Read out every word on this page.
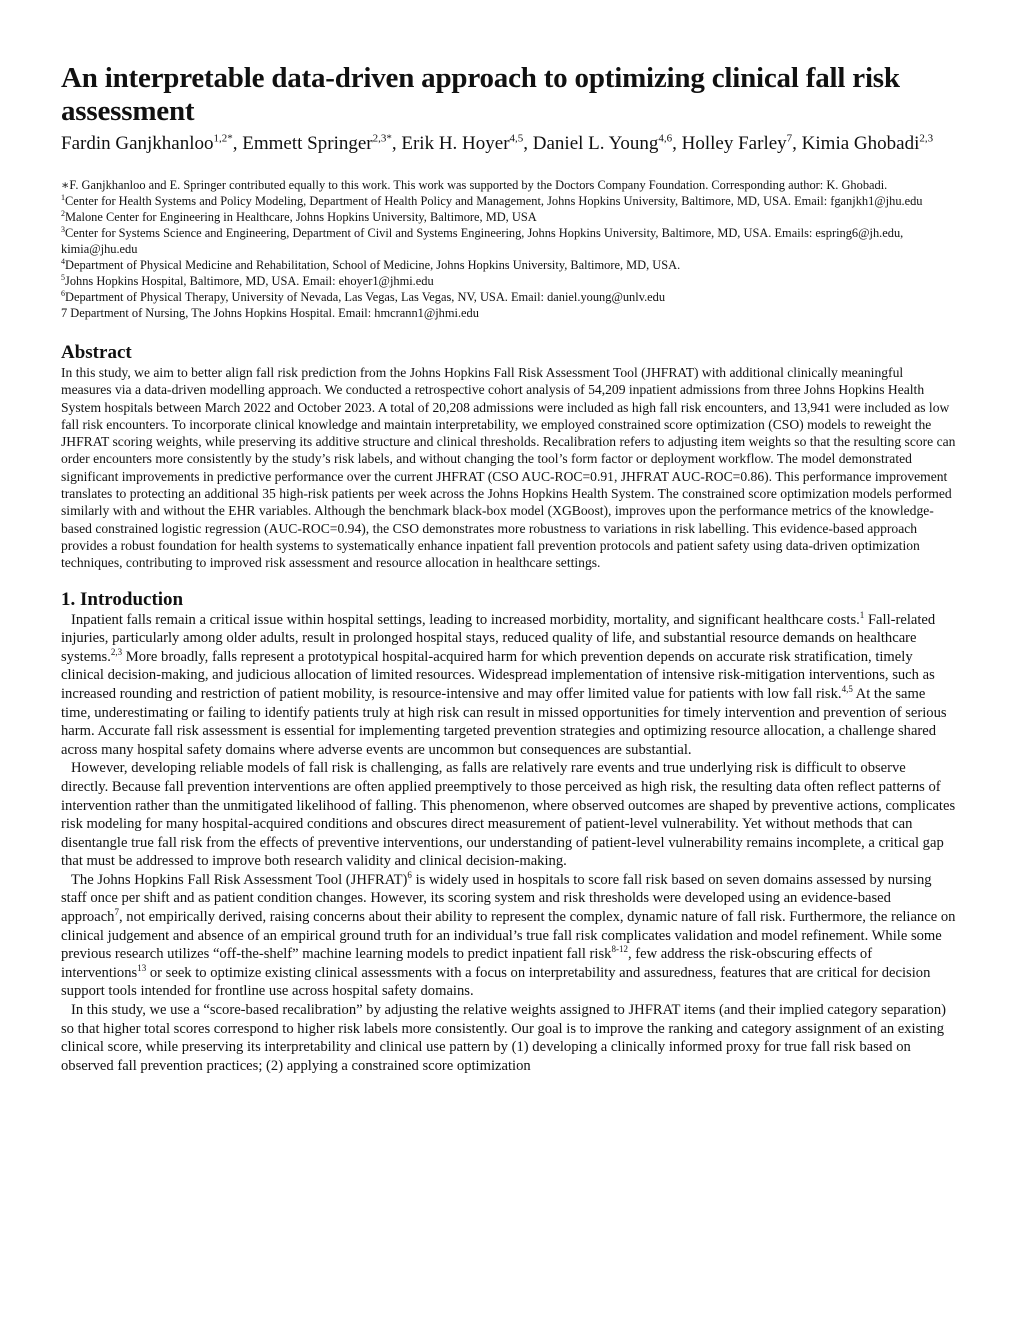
An interpretable data-driven approach to optimizing clinical fall risk assessment
Fardin Ganjkhanloo$^{1,2*}$, Emmett Springer$^{2,3*}$, Erik H. Hoyer$^{4,5}$, Daniel L. Young$^{4,6}$, Holley Farley$^7$, Kimia Ghobadi$^{2,3}$
∗F. Ganjkhanloo and E. Springer contributed equally to this work. This work was supported by the Doctors Company Foundation. Corresponding author: K. Ghobadi.
$^1$Center for Health Systems and Policy Modeling, Department of Health Policy and Management, Johns Hopkins University, Baltimore, MD, USA. Email: fganjkh1@jhu.edu
$^2$Malone Center for Engineering in Healthcare, Johns Hopkins University, Baltimore, MD, USA
$^3$Center for Systems Science and Engineering, Department of Civil and Systems Engineering, Johns Hopkins University, Baltimore, MD, USA. Emails: espring6@jh.edu, kimia@jhu.edu
$^4$Department of Physical Medicine and Rehabilitation, School of Medicine, Johns Hopkins University, Baltimore, MD, USA.
$^5$Johns Hopkins Hospital, Baltimore, MD, USA. Email: ehoyer1@jhmi.edu
$^6$Department of Physical Therapy, University of Nevada, Las Vegas, Las Vegas, NV, USA. Email: daniel.young@unlv.edu
7 Department of Nursing, The Johns Hopkins Hospital. Email: hmcrann1@jhmi.edu
Abstract

In this study, we aim to better align fall risk prediction from the Johns Hopkins Fall Risk Assessment Tool (JHFRAT) with additional clinically meaningful measures via a data-driven modelling approach. We conducted a retrospective cohort analysis of 54,209 inpatient admissions from three Johns Hopkins Health System hospitals between March 2022 and October 2023. A total of 20,208 admissions were included as high fall risk encounters, and 13,941 were included as low fall risk encounters. To incorporate clinical knowledge and maintain interpretability, we employed constrained score optimization (CSO) models to reweight the JHFRAT scoring weights, while preserving its additive structure and clinical thresholds. Recalibration refers to adjusting item weights so that the resulting score can order encounters more consistently by the study’s risk labels, and without changing the tool’s form factor or deployment workflow. The model demonstrated significant improvements in predictive performance over the current JHFRAT (CSO AUC-ROC=0.91, JHFRAT AUC-ROC=0.86). This performance improvement translates to protecting an additional 35 high-risk patients per week across the Johns Hopkins Health System. The constrained score optimization models performed similarly with and without the EHR variables. Although the benchmark black-box model (XGBoost), improves upon the performance metrics of the knowledge-based constrained logistic regression (AUC-ROC=0.94), the CSO demonstrates more robustness to variations in risk labelling. This evidence-based approach provides a robust foundation for health systems to systematically enhance inpatient fall prevention protocols and patient safety using data-driven optimization techniques, contributing to improved risk assessment and resource allocation in healthcare settings.

1. Introduction

Inpatient falls remain a critical issue within hospital settings, leading to increased morbidity, mortality, and significant healthcare costs.$^1$ Fall-related injuries, particularly among older adults, result in prolonged hospital stays, reduced quality of life, and substantial resource demands on healthcare systems.$^{2,3}$ More broadly, falls represent a prototypical hospital-acquired harm for which prevention depends on accurate risk stratification, timely clinical decision-making, and judicious allocation of limited resources. Widespread implementation of intensive risk-mitigation interventions, such as increased rounding and restriction of patient mobility, is resource-intensive and may offer limited value for patients with low fall risk.$^{4,5}$ At the same time, underestimating or failing to identify patients truly at high risk can result in missed opportunities for timely intervention and prevention of serious harm. Accurate fall risk assessment is essential for implementing targeted prevention strategies and optimizing resource allocation, a challenge shared across many hospital safety domains where adverse events are uncommon but consequences are substantial.

However, developing reliable models of fall risk is challenging, as falls are relatively rare events and true underlying risk is difficult to observe directly. Because fall prevention interventions are often applied preemptively to those perceived as high risk, the resulting data often reflect patterns of intervention rather than the unmitigated likelihood of falling. This phenomenon, where observed outcomes are shaped by preventive actions, complicates risk modeling for many hospital-acquired conditions and obscures direct measurement of patient-level vulnerability. Yet without methods that can disentangle true fall risk from the effects of preventive interventions, our understanding of patient-level vulnerability remains incomplete, a critical gap that must be addressed to improve both research validity and clinical decision-making.

The Johns Hopkins Fall Risk Assessment Tool (JHFRAT)$^6$ is widely used in hospitals to score fall risk based on seven domains assessed by nursing staff once per shift and as patient condition changes. However, its scoring system and risk thresholds were developed using an evidence-based approach$^7$, not empirically derived, raising concerns about their ability to represent the complex, dynamic nature of fall risk. Furthermore, the reliance on clinical judgement and absence of an empirical ground truth for an individual’s true fall risk complicates validation and model refinement. While some previous research utilizes “off-the-shelf” machine learning models to predict inpatient fall risk$^{8-12}$, few address the risk-obscuring effects of interventions$^{13}$ or seek to optimize existing clinical assessments with a focus on interpretability and assuredness, features that are critical for decision support tools intended for frontline use across hospital safety domains.

In this study, we use a “score-based recalibration” by adjusting the relative weights assigned to JHFRAT items (and their implied category separation) so that higher total scores correspond to higher risk labels more consistently. Our goal is to improve the ranking and category assignment of an existing clinical score, while preserving its interpretability and clinical use pattern by (1) developing a clinically informed proxy for true fall risk based on observed fall prevention practices; (2) applying a constrained score optimization
